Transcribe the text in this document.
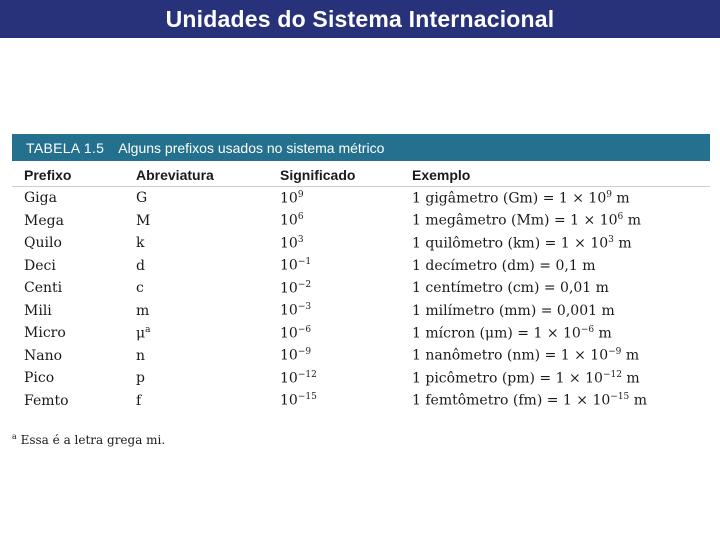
Unidades do Sistema Internacional
TABELA 1.5 Alguns prefixos usados no sistema métrico
Prefixo	Abreviatura	Significado	Exemplo
Giga	G	$10^9$	1 gigâmetro $(Gm) = 1 \times 10^9$ m
Mega	M	$10^6$	1 megâmetro $(Mm) = 1 \times 10^6$ m
Quilo	k	$10^3$	1 quilômetro $(km) = 1 \times 10^3$ m
Deci	d	$10^{-1}$	1 decímetro (dm) = 0,1 m
Centi	c	$10^{-2}$	1 centímetro (cm) = 0,01 m
Mili	m	$10^{-3}$	1 milímetro (mm) = 0,001 m
Micro	$\mu^a$	$10^{-6}$	1 mícron $(\mu m) = 1 \times 10^{-6}$ m
Nano	n	$10^{-9}$	1 nanômetro $(nm) = 1 \times 10^{-9}$ m
Pico	p	$10^{-12}$	1 picômetro $(pm) = 1 \times 10^{-12}$ m
Femto	f	$10^{-15}$	1 femtômetro $(fm) = 1 \times 10^{-15}$ m
$^a$ Essa é a letra grega mi.
